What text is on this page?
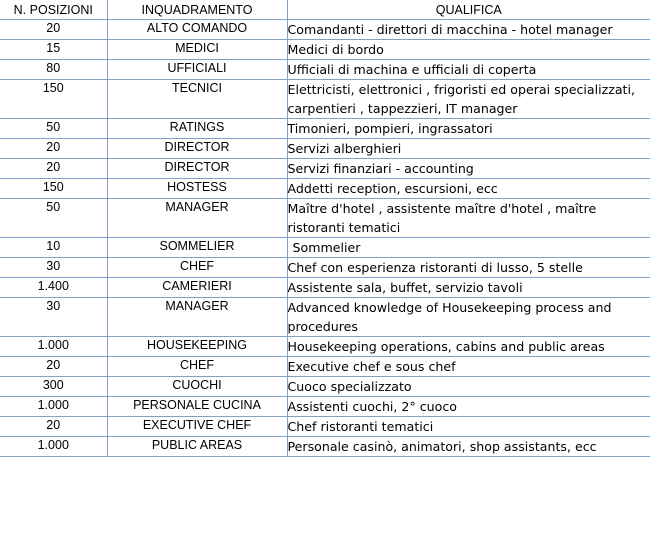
N. POSIZIONI	INQUADRAMENTO	QUALIFICA
20	ALTO COMANDO	Comandanti - direttori di macchina - hotel manager
15	MEDICI	Medici di bordo
80	UFFICIALI	Ufficiali di machina e ufficiali di coperta
150	TECNICI	Elettricisti, elettronici , frigoristi ed operai specializzati, carpentieri , tappezzieri, IT manager
50	RATINGS	Timonieri, pompieri, ingrassatori
20	DIRECTOR	Servizi alberghieri
20	DIRECTOR	Servizi finanziari - accounting
150	HOSTESS	Addetti reception, escursioni, ecc
50	MANAGER	Maître d'hotel , assistente maître d'hotel , maître ristoranti tematici
10	SOMMELIER	Sommelier
30	CHEF	Chef con esperienza ristoranti di lusso, 5 stelle
1.400	CAMERIERI	Assistente sala, buffet, servizio tavoli
30	MANAGER	Advanced knowledge of Housekeeping process and procedures
1.000	HOUSEKEEPING	Housekeeping operations, cabins and public areas
20	CHEF	Executive chef e sous chef
300	CUOCHI	Cuoco specializzato
1.000	PERSONALE CUCINA	Assistenti cuochi, 2° cuoco
20	EXECUTIVE CHEF	Chef ristoranti tematici
1.000	PUBLIC AREAS	Personale casinò, animatori, shop assistants, ecc
